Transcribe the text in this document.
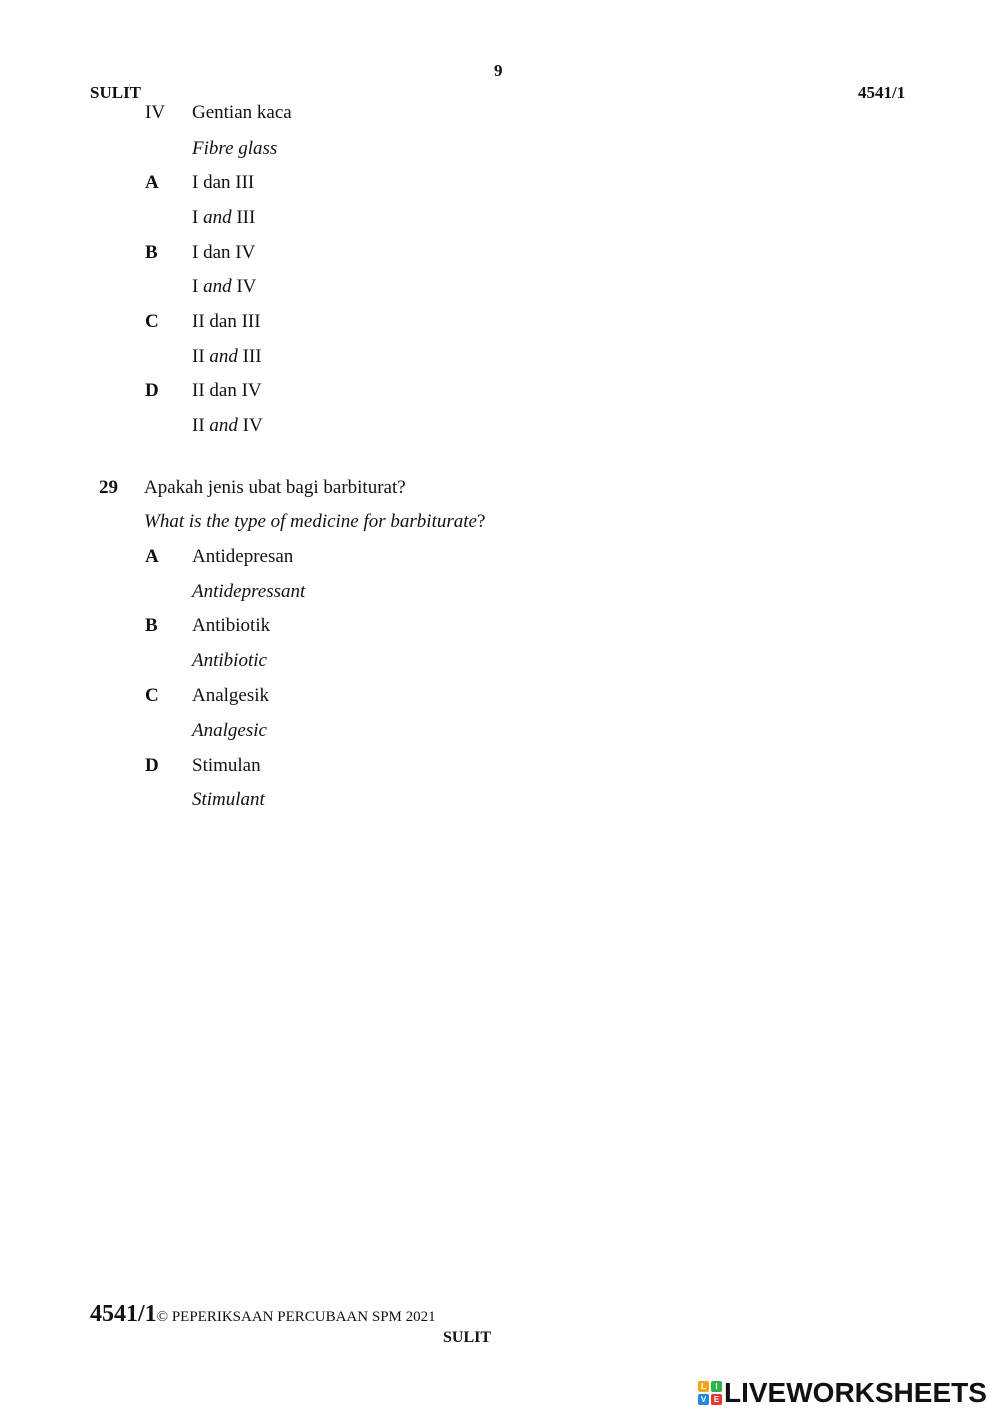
9
SULIT	4541/1
IV Gentian kaca
Fibre glass
A I dan III
I and III
B I dan IV
I and IV
C II dan III
II and III
D II dan IV
II and IV
29 Apakah jenis ubat bagi barbiturat?
What is the type of medicine for barbiturate?
A Antidepresan
Antidepressant
B Antibiotik
Antibiotic
C Analgesik
Analgesic
D Stimulan
Stimulant
4541/1© PEPERIKSAAN PERCUBAAN SPM 2021
SULIT
L	I
V E LIVEWORKSHEETS
